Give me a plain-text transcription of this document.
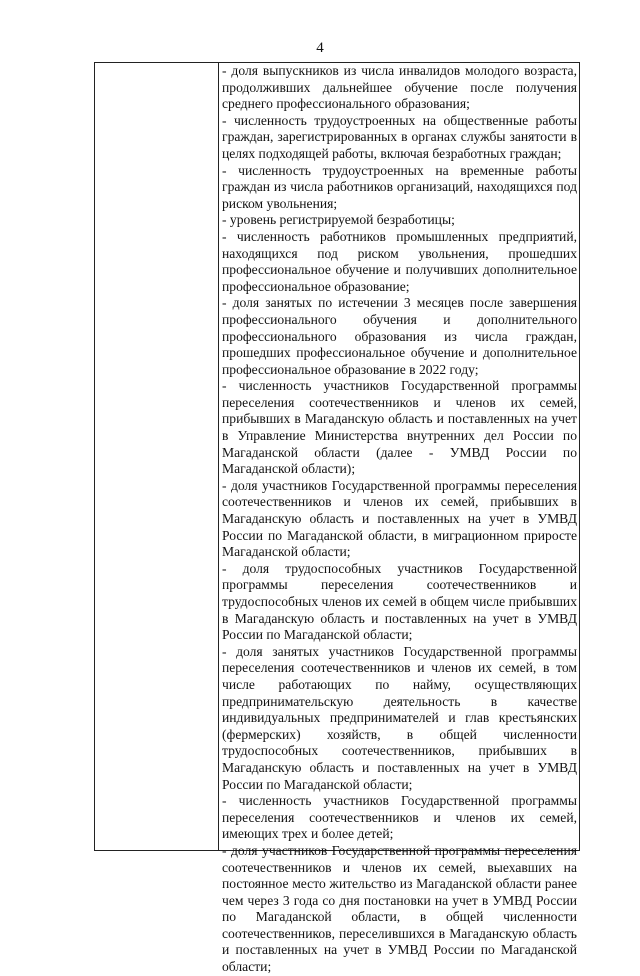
4

- доля выпускников из числа инвалидов молодого возраста, продолживших дальнейшее обучение после получения среднего профессионального образования;

- численность трудоустроенных на общественные работы граждан, зарегистрированных в органах службы занятости в целях подходящей работы, включая безработных граждан;

- численность трудоустроенных на временные работы граждан из числа работников организаций, находящихся под риском увольнения;

- уровень регистрируемой безработицы;

- численность работников промышленных предприятий, находящихся под риском увольнения, прошедших профессиональное обучение и получивших дополнительное профессиональное образование;

- доля занятых по истечении 3 месяцев после завершения профессионального обучения и дополнительного профессионального образования из числа граждан, прошедших профессиональное обучение и дополнительное профессиональное образование в 2022 году;

- численность участников Государственной программы переселения соотечественников и членов их семей, прибывших в Магаданскую область и поставленных на учет в Управление Министерства внутренних дел России по Магаданской области (далее - УМВД России по Магаданской области);

- доля участников Государственной программы переселения соотечественников и членов их семей, прибывших в Магаданскую область и поставленных на учет в УМВД России по Магаданской области, в миграционном приросте Магаданской области;

- доля трудоспособных участников Государственной программы переселения соотечественников и трудоспособных членов их семей в общем числе прибывших в Магаданскую область и поставленных на учет в УМВД России по Магаданской области;

- доля занятых участников Государственной программы переселения соотечественников и членов их семей, в том числе работающих по найму, осуществляющих предпринимательскую деятельность в качестве индивидуальных предпринимателей и глав крестьянских (фермерских) хозяйств, в общей численности трудоспособных соотечественников, прибывших в Магаданскую область и поставленных на учет в УМВД России по Магаданской области;

- численность участников Государственной программы переселения соотечественников и членов их семей, имеющих трех и более детей;

- доля участников Государственной программы переселения соотечественников и членов их семей, выехавших на постоянное место жительство из Магаданской области ранее чем через 3 года со дня постановки на учет в УМВД России по Магаданской области, в общей численности соотечественников, переселившихся в Магаданскую область и поставленных на учет в УМВД России по Магаданской области;
